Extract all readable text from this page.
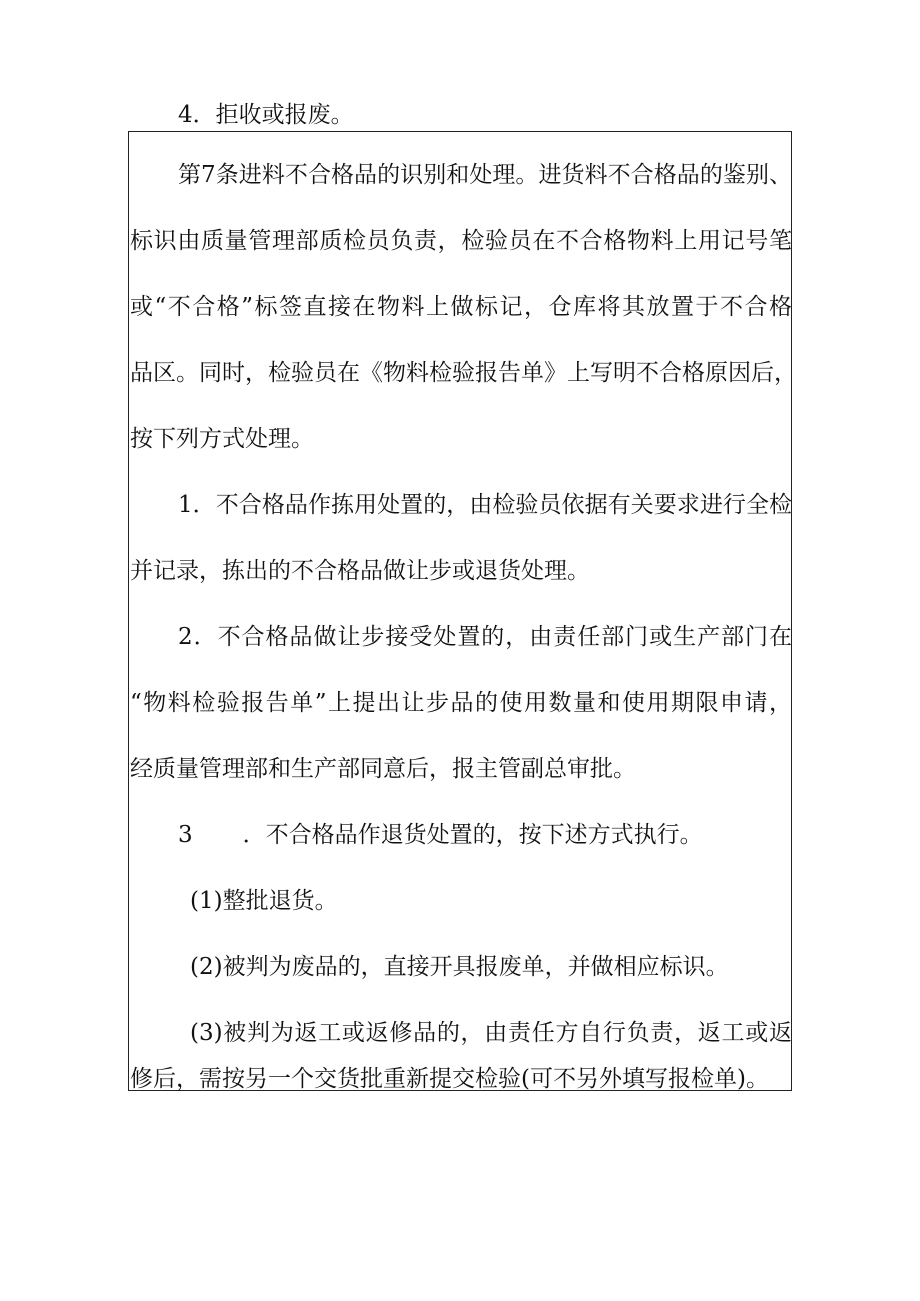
4．拒收或报废。

第7条进料不合格品的识别和处理。进货料不合格品的鉴别、

标识由质量管理部质检员负责，检验员在不合格物料上用记号笔

或“不合格”标签直接在物料上做标记，仓库将其放置于不合格

品区。同时，检验员在《物料检验报告单》上写明不合格原因后，

按下列方式处理。

1．不合格品作拣用处置的，由检验员依据有关要求进行全检

并记录，拣出的不合格品做让步或退货处理。

2．不合格品做让步接受处置的，由责任部门或生产部门在

“物料检验报告单”上提出让步品的使用数量和使用期限申请，

经质量管理部和生产部同意后，报主管副总审批。

3 ．不合格品作退货处置的，按下述方式执行。

(1)整批退货。

(2)被判为废品的，直接开具报废单，并做相应标识。

(3)被判为返工或返修品的，由责任方自行负责，返工或返

修后，需按另一个交货批重新提交检验(可不另外填写报检单)。
